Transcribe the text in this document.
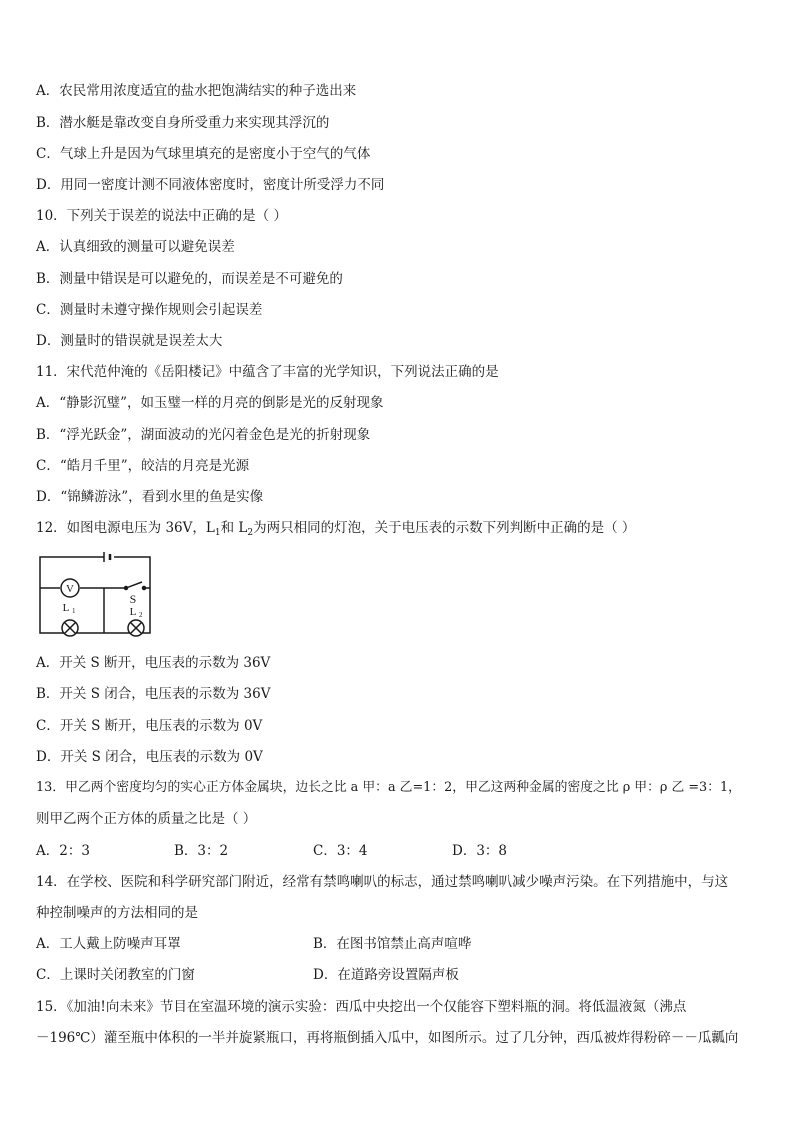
A．农民常用浓度适宜的盐水把饱满结实的种子选出来
B．潜水艇是靠改变自身所受重力来实现其浮沉的
C．气球上升是因为气球里填充的是密度小于空气的气体
D．用同一密度计测不同液体密度时，密度计所受浮力不同
10．下列关于误差的说法中正确的是（ ）
A．认真细致的测量可以避免误差
B．测量中错误是可以避免的，而误差是不可避免的
C．测量时未遵守操作规则会引起误差
D．测量时的错误就是误差太大
11．宋代范仲淹的《岳阳楼记》中蕴含了丰富的光学知识，下列说法正确的是
A．“静影沉璧”，如玉璧一样的月亮的倒影是光的反射现象
B．“浮光跃金”，湖面波动的光闪着金色是光的折射现象
C．“皓月千里”，皎洁的月亮是光源
D．“锦鳞游泳”，看到水里的鱼是实像
12．如图电源电压为 36V，$L_1$和 $L_2$为两只相同的灯泡，关于电压表的示数下列判断中正确的是（ ）
V
L 1
S
L 2
A．开关 S 断开，电压表的示数为 36V
B．开关 S 闭合，电压表的示数为 36V
C．开关 S 断开，电压表的示数为 0V
D．开关 S 闭合，电压表的示数为 0V
13．甲乙两个密度均匀的实心正方体金属块，边长之比 a 甲：a 乙=1：2，甲乙这两种金属的密度之比 ρ 甲：ρ 乙 =3：1，
则甲乙两个正方体的质量之比是（ ）
A．2：3	B．3：2	C．3：4	D．3：8
14．在学校、医院和科学研究部门附近，经常有禁鸣喇叭的标志，通过禁鸣喇叭减少噪声污染。在下列措施中，与这
种控制噪声的方法相同的是
A．工人戴上防噪声耳罩	B．在图书馆禁止高声喧哗
C．上课时关闭教室的门窗	D．在道路旁设置隔声板
15．《加油!向未来》节目在室温环境的演示实验：西瓜中央挖出一个仅能容下塑料瓶的洞。将低温液氮（沸点
－196℃）灌至瓶中体积的一半并旋紧瓶口，再将瓶倒插入瓜中，如图所示。过了几分钟，西瓜被炸得粉碎－－瓜瓤向
